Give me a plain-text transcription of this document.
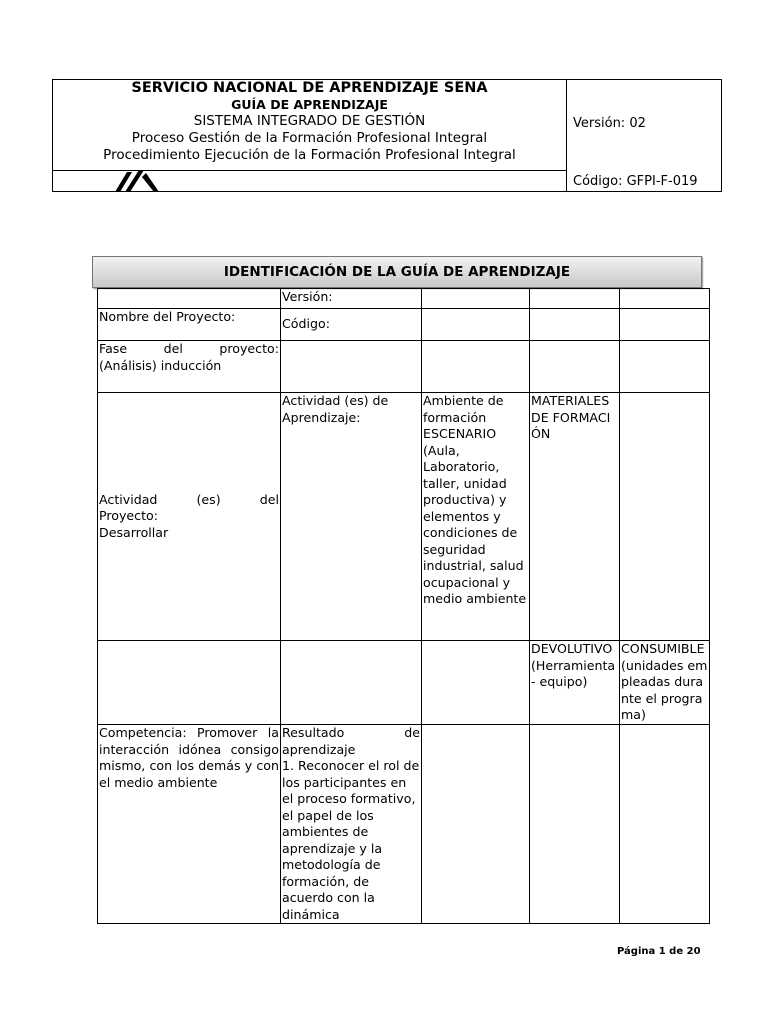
SERVICIO NACIONAL DE APRENDIZAJE SENA
GUÍA DE APRENDIZAJE
SISTEMA INTEGRADO DE GESTIÓN
Proceso Gestión de la Formación Profesional Integral
Procedimiento Ejecución de la Formación Profesional Integral
Versión: 02
Código: GFPI-F-019
IDENTIFICACIÓN DE LA GUÍA DE APRENDIZAJE
	Versión:			
Nombre del Proyecto:	Código:			

Fase del proyecto:
(Análisis) inducción				

Actividad (es) del
Proyecto:
Desarrollar	Actividad (es) de Aprendizaje:	Ambiente de formación ESCENARIO (Aula, Laboratorio, taller, unidad productiva) y elementos y condiciones de seguridad industrial, salud ocupacional y medio ambiente	MATERIALES DE FORMACIÓN	
			DEVOLUTIVO (Herramienta - equipo)	CONSUMIBLE (unidades empleadas durante el programa)
Competencia: Promover la interacción idónea consigo mismo, con los demás y con el medio ambiente	Resultado de
aprendizaje
1. Reconocer el rol de los participantes en el proceso formativo, el papel de los ambientes de aprendizaje y la metodología de formación, de acuerdo con la dinámica			

Página 1 de 20
